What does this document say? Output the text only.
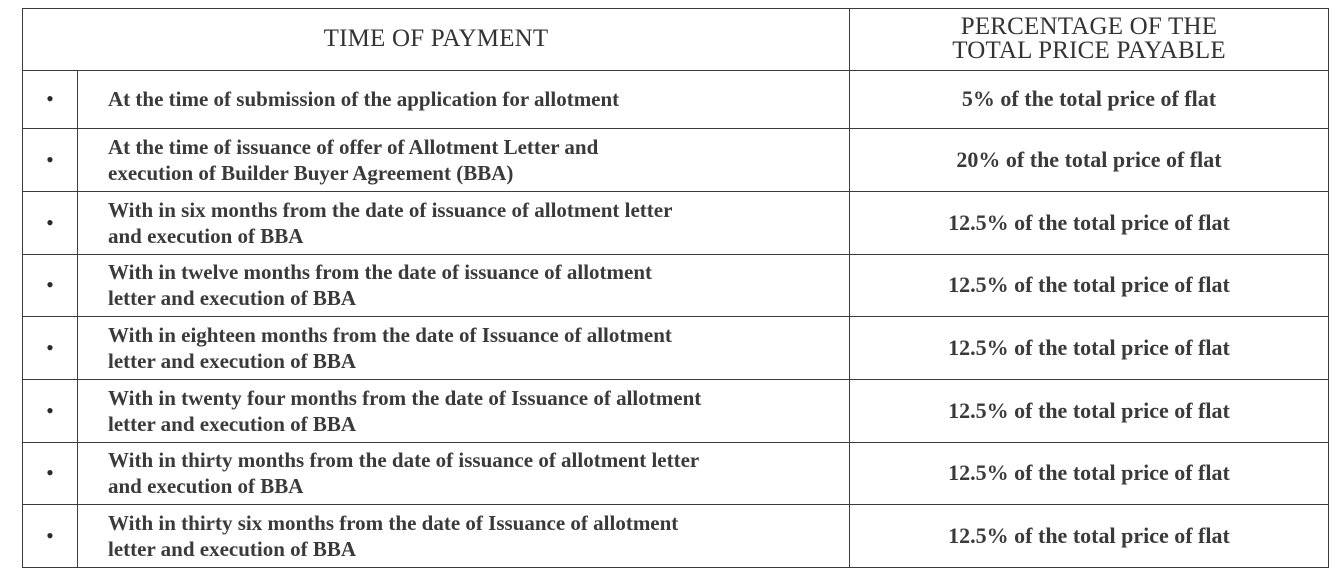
TIME OF PAYMENT		PERCENTAGE OF THE
TOTAL PRICE PAYABLE

•	At the time of submission of the application for allotment	5% of the total price of flat
•	At the time of issuance of offer of Allotment Letter and
execution of Builder Buyer Agreement (BBA)	20% of the total price of flat
•	With in six months from the date of issuance of allotment letter
and execution of BBA	12.5% of the total price of flat
•	With in twelve months from the date of issuance of allotment
letter and execution of BBA	12.5% of the total price of flat
•	With in eighteen months from the date of Issuance of allotment
letter and execution of BBA	12.5% of the total price of flat
•	With in twenty four months from the date of Issuance of allotment
letter and execution of BBA	12.5% of the total price of flat
•	With in thirty months from the date of issuance of allotment letter
and execution of BBA	12.5% of the total price of flat
•	With in thirty six months from the date of Issuance of allotment
letter and execution of BBA	12.5% of the total price of flat
